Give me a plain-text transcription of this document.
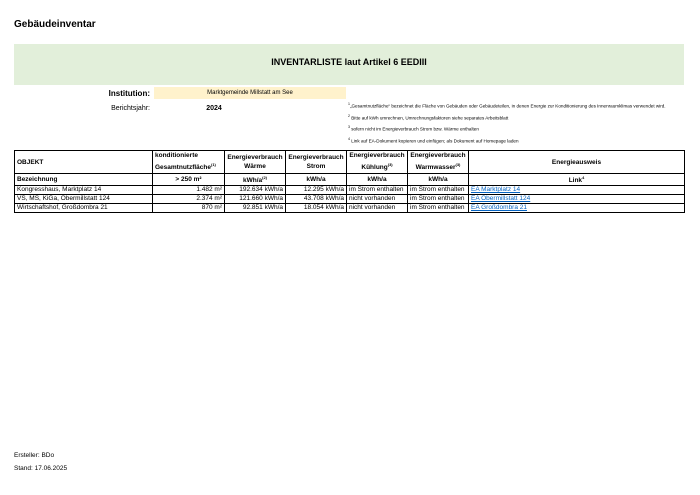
Gebäudeinventar
INVENTARLISTE laut Artikel 6 EEDIII
Institution:	Marktgemeinde Millstatt am See
Berichtsjahr:	2024
$^1$„Gesamtnutzfläche“ bezeichnet die Fläche von Gebäuden oder Gebäudeteilen, in denen Energie zur Konditionierung des Innenraumklimas verwendet wird.
$^2$ Bitte auf kWh umrechnen, Umrechnungsfaktoren siehe separates Arbeitsblatt
$^3$ sofern nicht im Energieverbrauch Strom bzw. Wärme enthalten
$^4$ Link auf EA-Dokument kopieren und einfügen; als Dokument auf Homepage laden
OBJEKT	konditionierte Gesamtnutzfläche$^{(1)}$	Energieverbrauch Wärme	Energieverbrauch Strom	Energieverbrauch Kühlung$^{(3)}$	Energieverbrauch Warmwasser$^{(3)}$	Energieausweis
Bezeichnung	> 250 m²	kWh/$a^{(2)}$	kWh/a	kWh/a	kWh/a	Link$^4$
Kongresshaus, Marktplatz 14	1.482 m²	192.634 kWh/a	12.295 kWh/a	im Strom enthalten	im Strom enthalten	EA Marktplatz 14
VS, MS, KiGa, Obermillstatt 124	2.374 m²	121.660 kWh/a	43.708 kWh/a	nicht vorhanden	im Strom enthalten	EA Obermillstatt 124
Wirtschaftshof, Großdombra 21	870 m²	92.851 kWh/a	18.054 kWh/a	nicht vorhanden	im Strom enthalten	EA Großdombra 21
Ersteller: BDo
Stand: 17.06.2025
